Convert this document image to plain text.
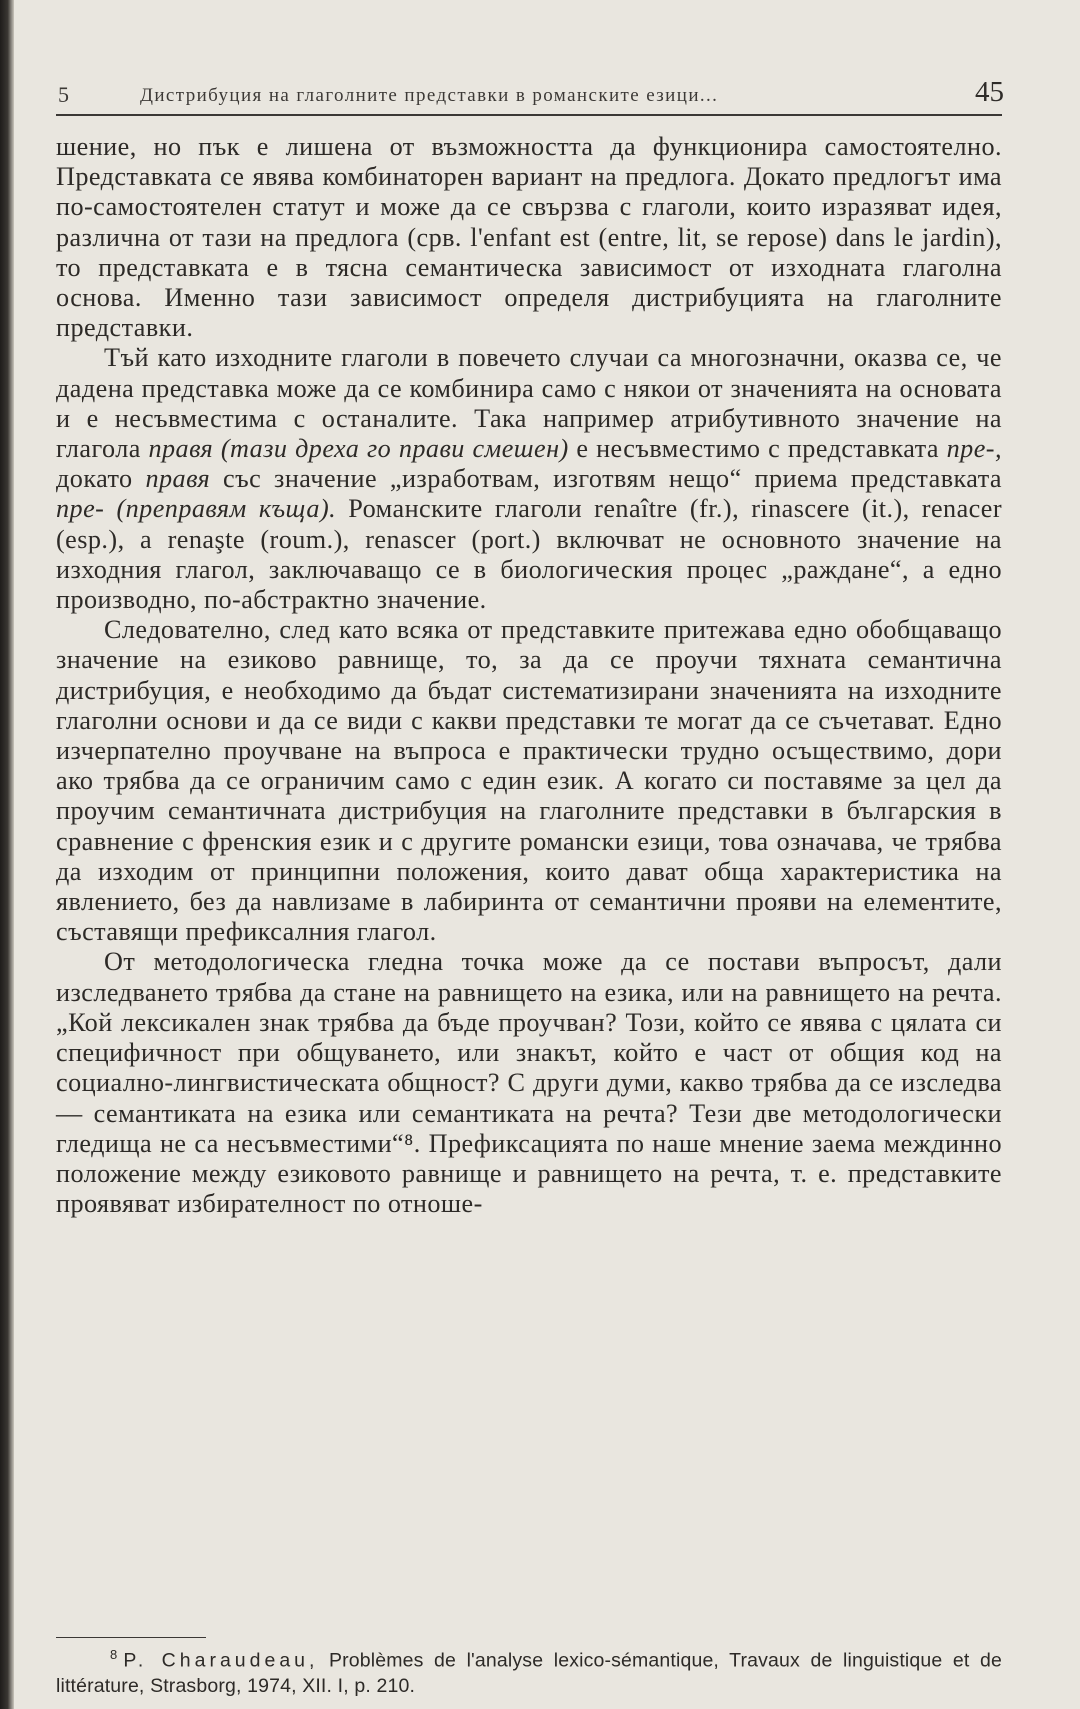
5	Дистрибуция на глаголните представки в романските езици...	45

шение, но пък е лишена от възможността да функционира самостоятелно. Представката се явява комбинаторен вариант на предлога. Докато предлогът има по-самостоятелен статут и може да се свързва с глаголи, които изразяват идея, различна от тази на предлога (срв. l'enfant est (entre, lit, se repose) dans le jardin), то представката е в тясна семантическа зависимост от изходната глаголна основа. Именно тази зависимост определя дистрибуцията на глаголните представки.

Тъй като изходните глаголи в повечето случаи са многозначни, оказва се, че дадена представка може да се комбинира само с някои от значенията на основата и е несъвместима с останалите. Така например атрибутивното значение на глагола правя (тази дреха го прави смешен) е несъвместимо с представката пре-, докато правя със значение „изработвам, изготвям нещо“ приема представката пре- (преправям къща). Романските глаголи renaître (fr.), rinascere (it.), renacer (esp.), a renaşte (roum.), renascer (port.) включват не основното значение на изходния глагол, заключаващо се в биологическия процес „раждане“, а едно производно, по-абстрактно значение.

Следователно, след като всяка от представките притежава едно обобщаващо значение на езиково равнище, то, за да се проучи тяхната семантична дистрибуция, е необходимо да бъдат систематизирани значенията на изходните глаголни основи и да се види с какви представки те могат да се съчетават. Едно изчерпателно проучване на въпроса е практически трудно осъществимо, дори ако трябва да се ограничим само с един език. А когато си поставяме за цел да проучим семантичната дистрибуция на глаголните представки в българския в сравнение с френския език и с другите романски езици, това означава, че трябва да изходим от принципни положения, които дават обща характеристика на явлението, без да навлизаме в лабиринта от семантични прояви на елементите, съставящи префиксалния глагол.

От методологическа гледна точка може да се постави въпросът, дали изследването трябва да стане на равнището на езика, или на равнището на речта. „Кой лексикален знак трябва да бъде проучван? Този, който се явява с цялата си специфичност при общуването, или знакът, който е част от общия код на социално-лингвистическата общност? С други думи, какво трябва да се изследва — семантиката на езика или семантиката на речта? Тези две методологически гледища не са несъвместими“⁸. Префиксацията по наше мнение заема междинно положение между езиковото равнище и равнището на речта, т. е. представките проявяват избирателност по отноше-

$^8$ P. Charaudeau, Problèmes de l'analyse lexico-sémantique, Travaux de linguistique et de littérature, Strasborg, 1974, XII. I, p. 210.
